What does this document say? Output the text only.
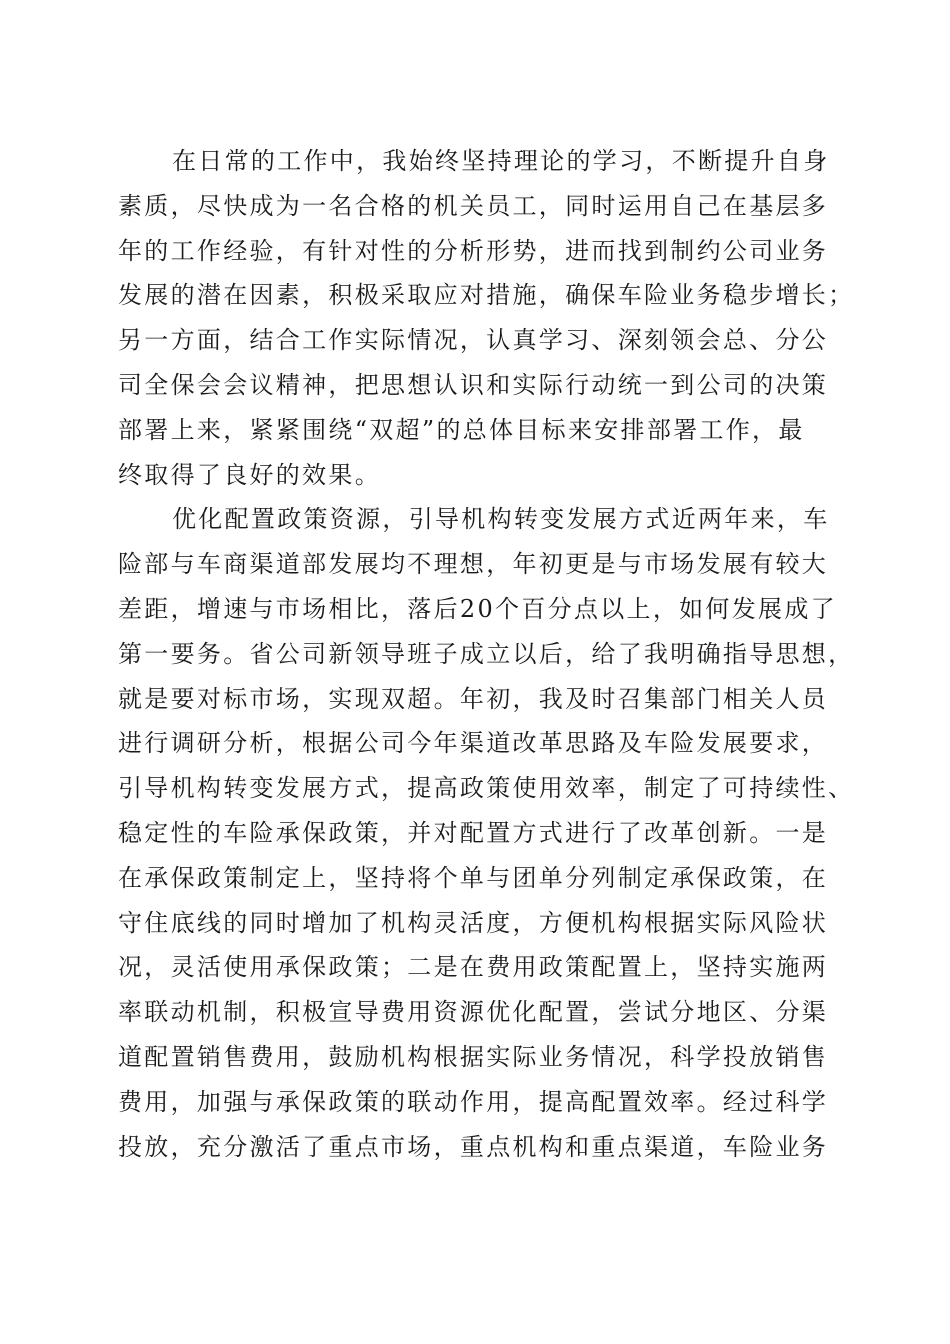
在日常的工作中，我始终坚持理论的学习，不断提升自身
素质，尽快成为一名合格的机关员工，同时运用自己在基层多
年的工作经验，有针对性的分析形势，进而找到制约公司业务
发展的潜在因素，积极采取应对措施，确保车险业务稳步增长；
另一方面，结合工作实际情况，认真学习、深刻领会总、分公
司全保会会议精神，把思想认识和实际行动统一到公司的决策
部署上来，紧紧围绕“双超”的总体目标来安排部署工作，最
终取得了良好的效果。
优化配置政策资源，引导机构转变发展方式近两年来，车
险部与车商渠道部发展均不理想，年初更是与市场发展有较大
差距，增速与市场相比，落后20个百分点以上，如何发展成了
第一要务。省公司新领导班子成立以后，给了我明确指导思想，
就是要对标市场，实现双超。年初，我及时召集部门相关人员
进行调研分析，根据公司今年渠道改革思路及车险发展要求，
引导机构转变发展方式，提高政策使用效率，制定了可持续性、
稳定性的车险承保政策，并对配置方式进行了改革创新。一是
在承保政策制定上，坚持将个单与团单分列制定承保政策，在
守住底线的同时增加了机构灵活度，方便机构根据实际风险状
况，灵活使用承保政策；二是在费用政策配置上，坚持实施两
率联动机制，积极宣导费用资源优化配置，尝试分地区、分渠
道配置销售费用，鼓励机构根据实际业务情况，科学投放销售
费用，加强与承保政策的联动作用，提高配置效率。经过科学
投放，充分激活了重点市场，重点机构和重点渠道，车险业务
